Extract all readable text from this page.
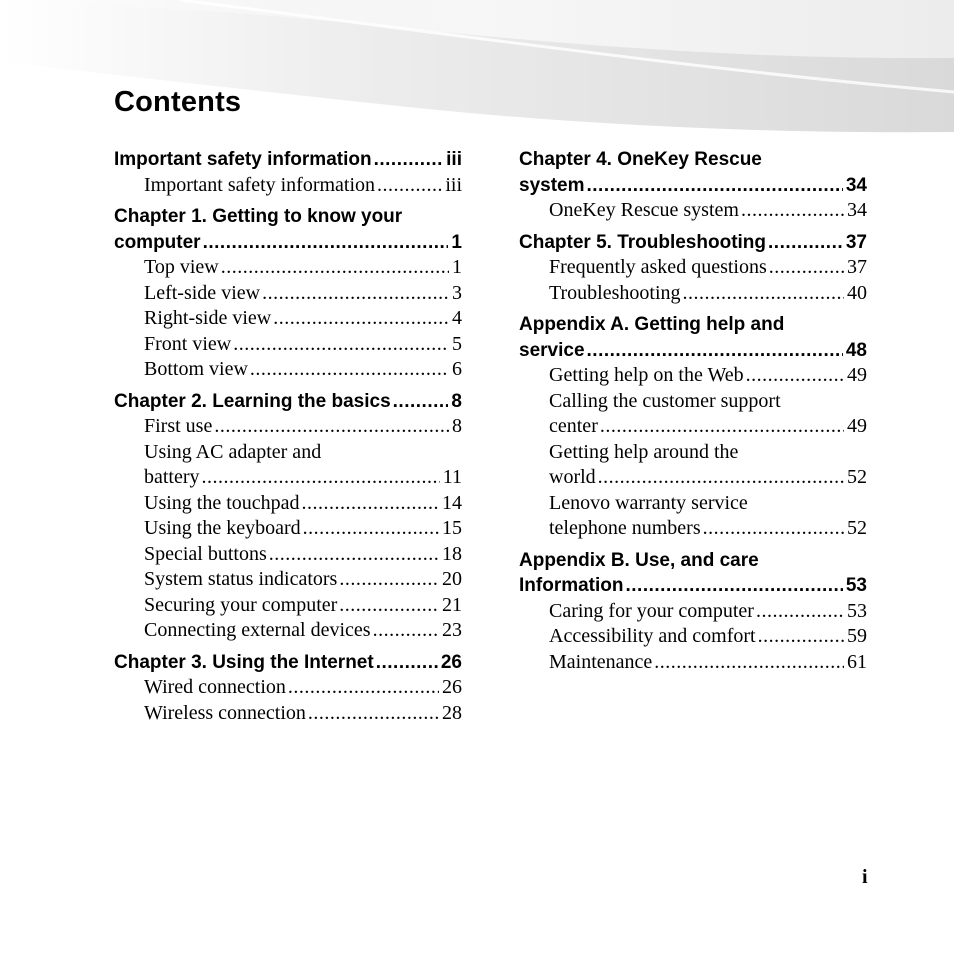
Contents
Important safety information .....	iii
Important safety information .....	iii
Chapter 1. Getting to know your
computer .....	1
Top view .....	1
Left-side view .....	3
Right-side view .....	4
Front view .....	5
Bottom view .....	6
Chapter 2. Learning the basics .....	8
First use .....	8
Using AC adapter and
battery .....	11
Using the touchpad .....	14
Using the keyboard .....	15
Special buttons .....	18
System status indicators .....	20
Securing your computer .....	21
Connecting external devices .....	23
Chapter 3. Using the Internet .....	26
Wired connection .....	26
Wireless connection .....	28
Chapter 4. OneKey Rescue
system .....	34
OneKey Rescue system .....	34
Chapter 5. Troubleshooting .....	37
Frequently asked questions .....	37
Troubleshooting .....	40
Appendix A. Getting help and
service .....	48
Getting help on the Web .....	49
Calling the customer support
center .....	49
Getting help around the
world .....	52
Lenovo warranty service
telephone numbers .....	52
Appendix B. Use, and care
Information .....	53
Caring for your computer .....	53
Accessibility and comfort .....	59
Maintenance .....	61
i
